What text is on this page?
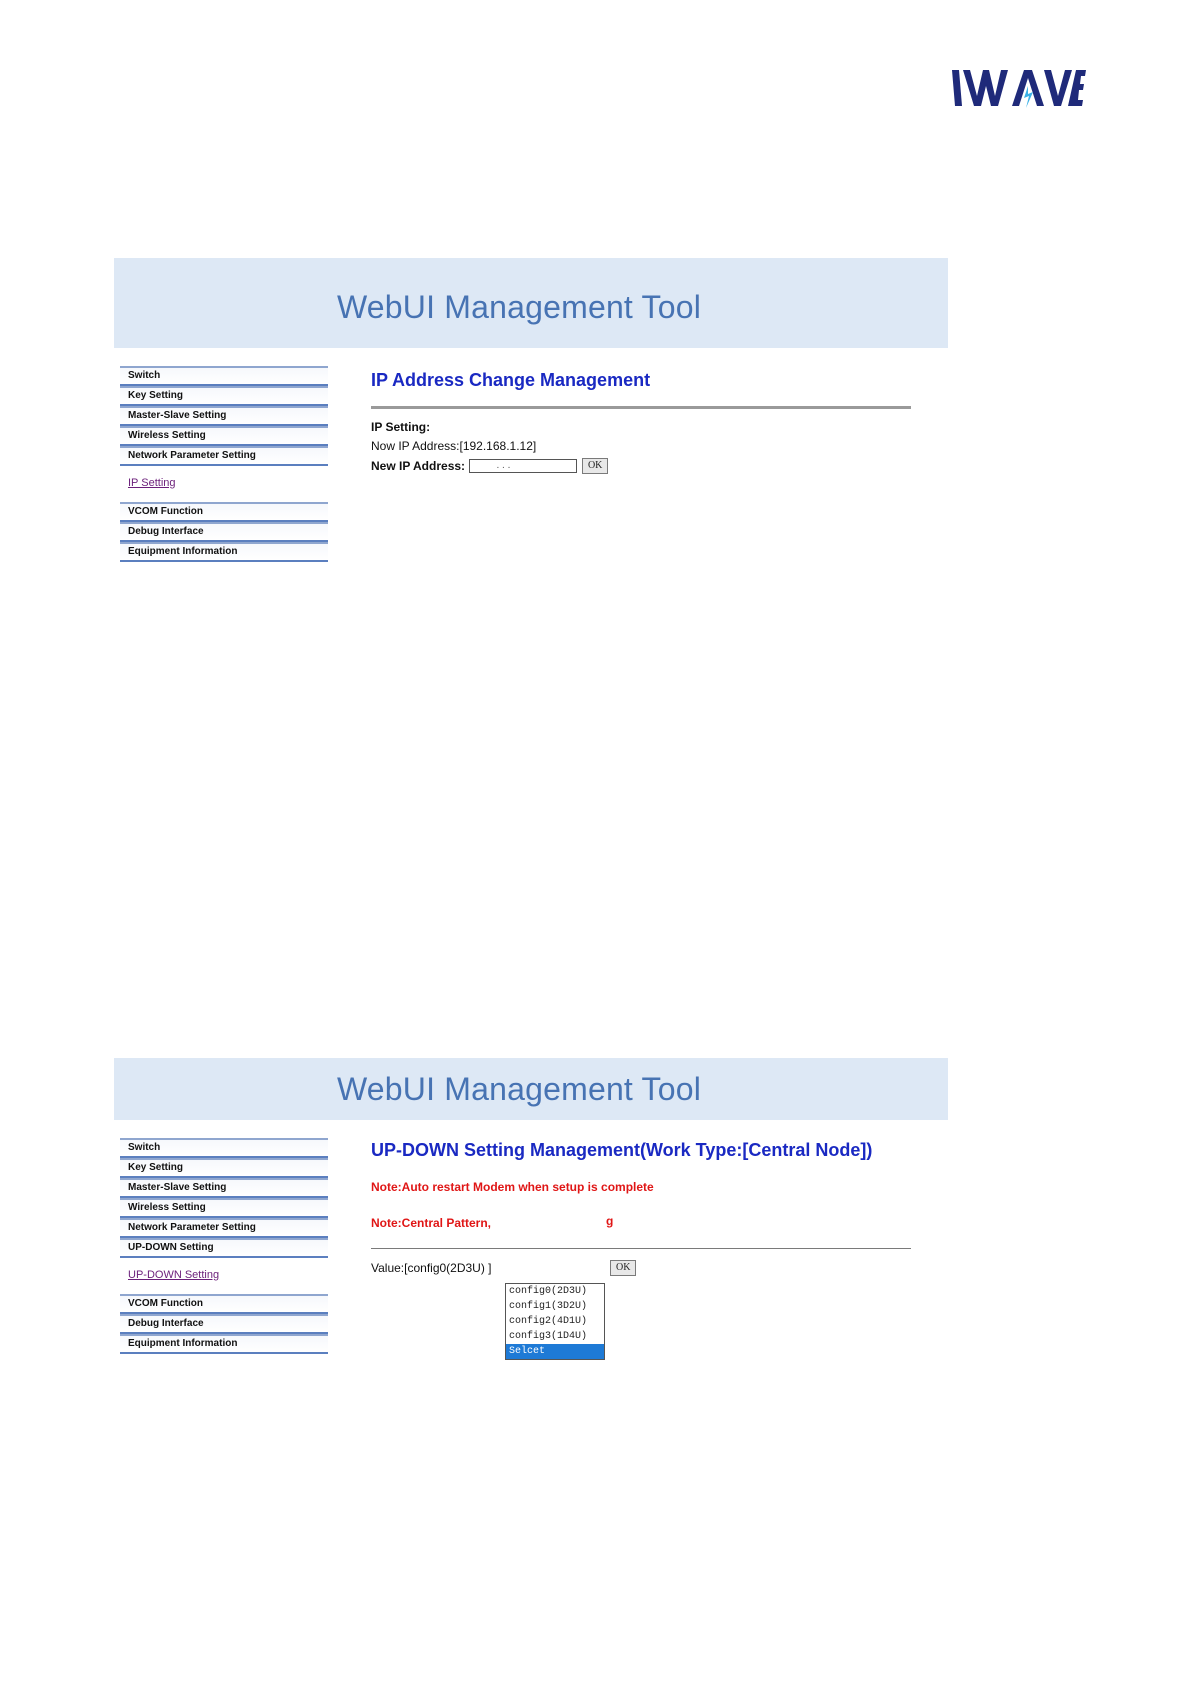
WebUI Management Tool
Switch
Key Setting
Master-Slave Setting
Wireless Setting
Network Parameter Setting
IP Setting
VCOM Function
Debug Interface
Equipment Information
IP Address Change Management
IP Setting:
Now IP Address:[192.168.1.12]
New IP Address:	. . .	OK
WebUI Management Tool
Switch
Key Setting
Master-Slave Setting
Wireless Setting
Network Parameter Setting
UP-DOWN Setting
UP-DOWN Setting
VCOM Function
Debug Interface
Equipment Information
UP-DOWN Setting Management(Work Type:[Central Node])
Note:Auto restart Modem when setup is complete
Note:Central Pattern,	g
Value:[config0(2D3U) ]	OK
config0(2D3U)
config1(3D2U)
config2(4D1U)
config3(1D4U)
Selcet
